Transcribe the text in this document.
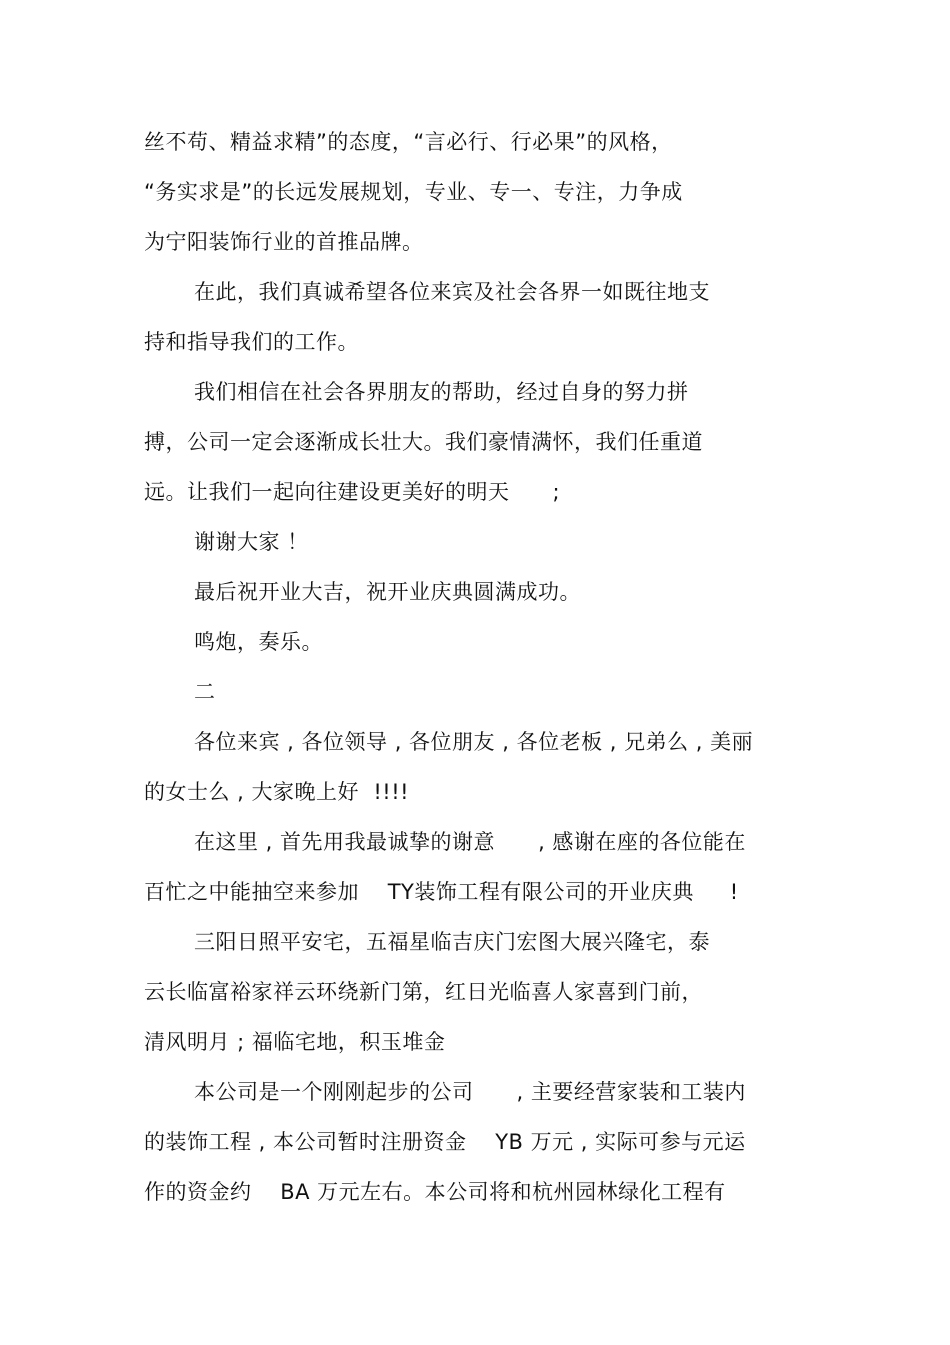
丝不苟、精益求精”的态度，“言必行、行必果”的风格，
“务实求是”的长远发展规划，专业、专一、专注，力争成
为宁阳装饰行业的首推品牌。
在此，我们真诚希望各位来宾及社会各界一如既往地支
持和指导我们的工作。
我们相信在社会各界朋友的帮助，经过自身的努力拼
搏，公司一定会逐渐成长壮大。我们豪情满怀，我们任重道
远。让我们一起向往建设更美好的明天      ;
谢谢大家 ！
最后祝开业大吉，祝开业庆典圆满成功。
鸣炮，奏乐。
二
各位来宾 , 各位领导 , 各位朋友 , 各位老板 , 兄弟么 , 美丽
的女士么 , 大家晚上好  !!!!
在这里 , 首先用我最诚挚的谢意      , 感谢在座的各位能在
百忙之中能抽空来参加    TY装饰工程有限公司的开业庆典     !
三阳日照平安宅，五福星临吉庆门宏图大展兴隆宅，泰
云长临富裕家祥云环绕新门第，红日光临喜人家喜到门前，
清风明月 ; 福临宅地，积玉堆金
本公司是一个刚刚起步的公司      , 主要经营家装和工装内
的装饰工程 , 本公司暂时注册资金    YB 万元 , 实际可参与元运
作的资金约    BA 万元左右。本公司将和杭州园林绿化工程有
